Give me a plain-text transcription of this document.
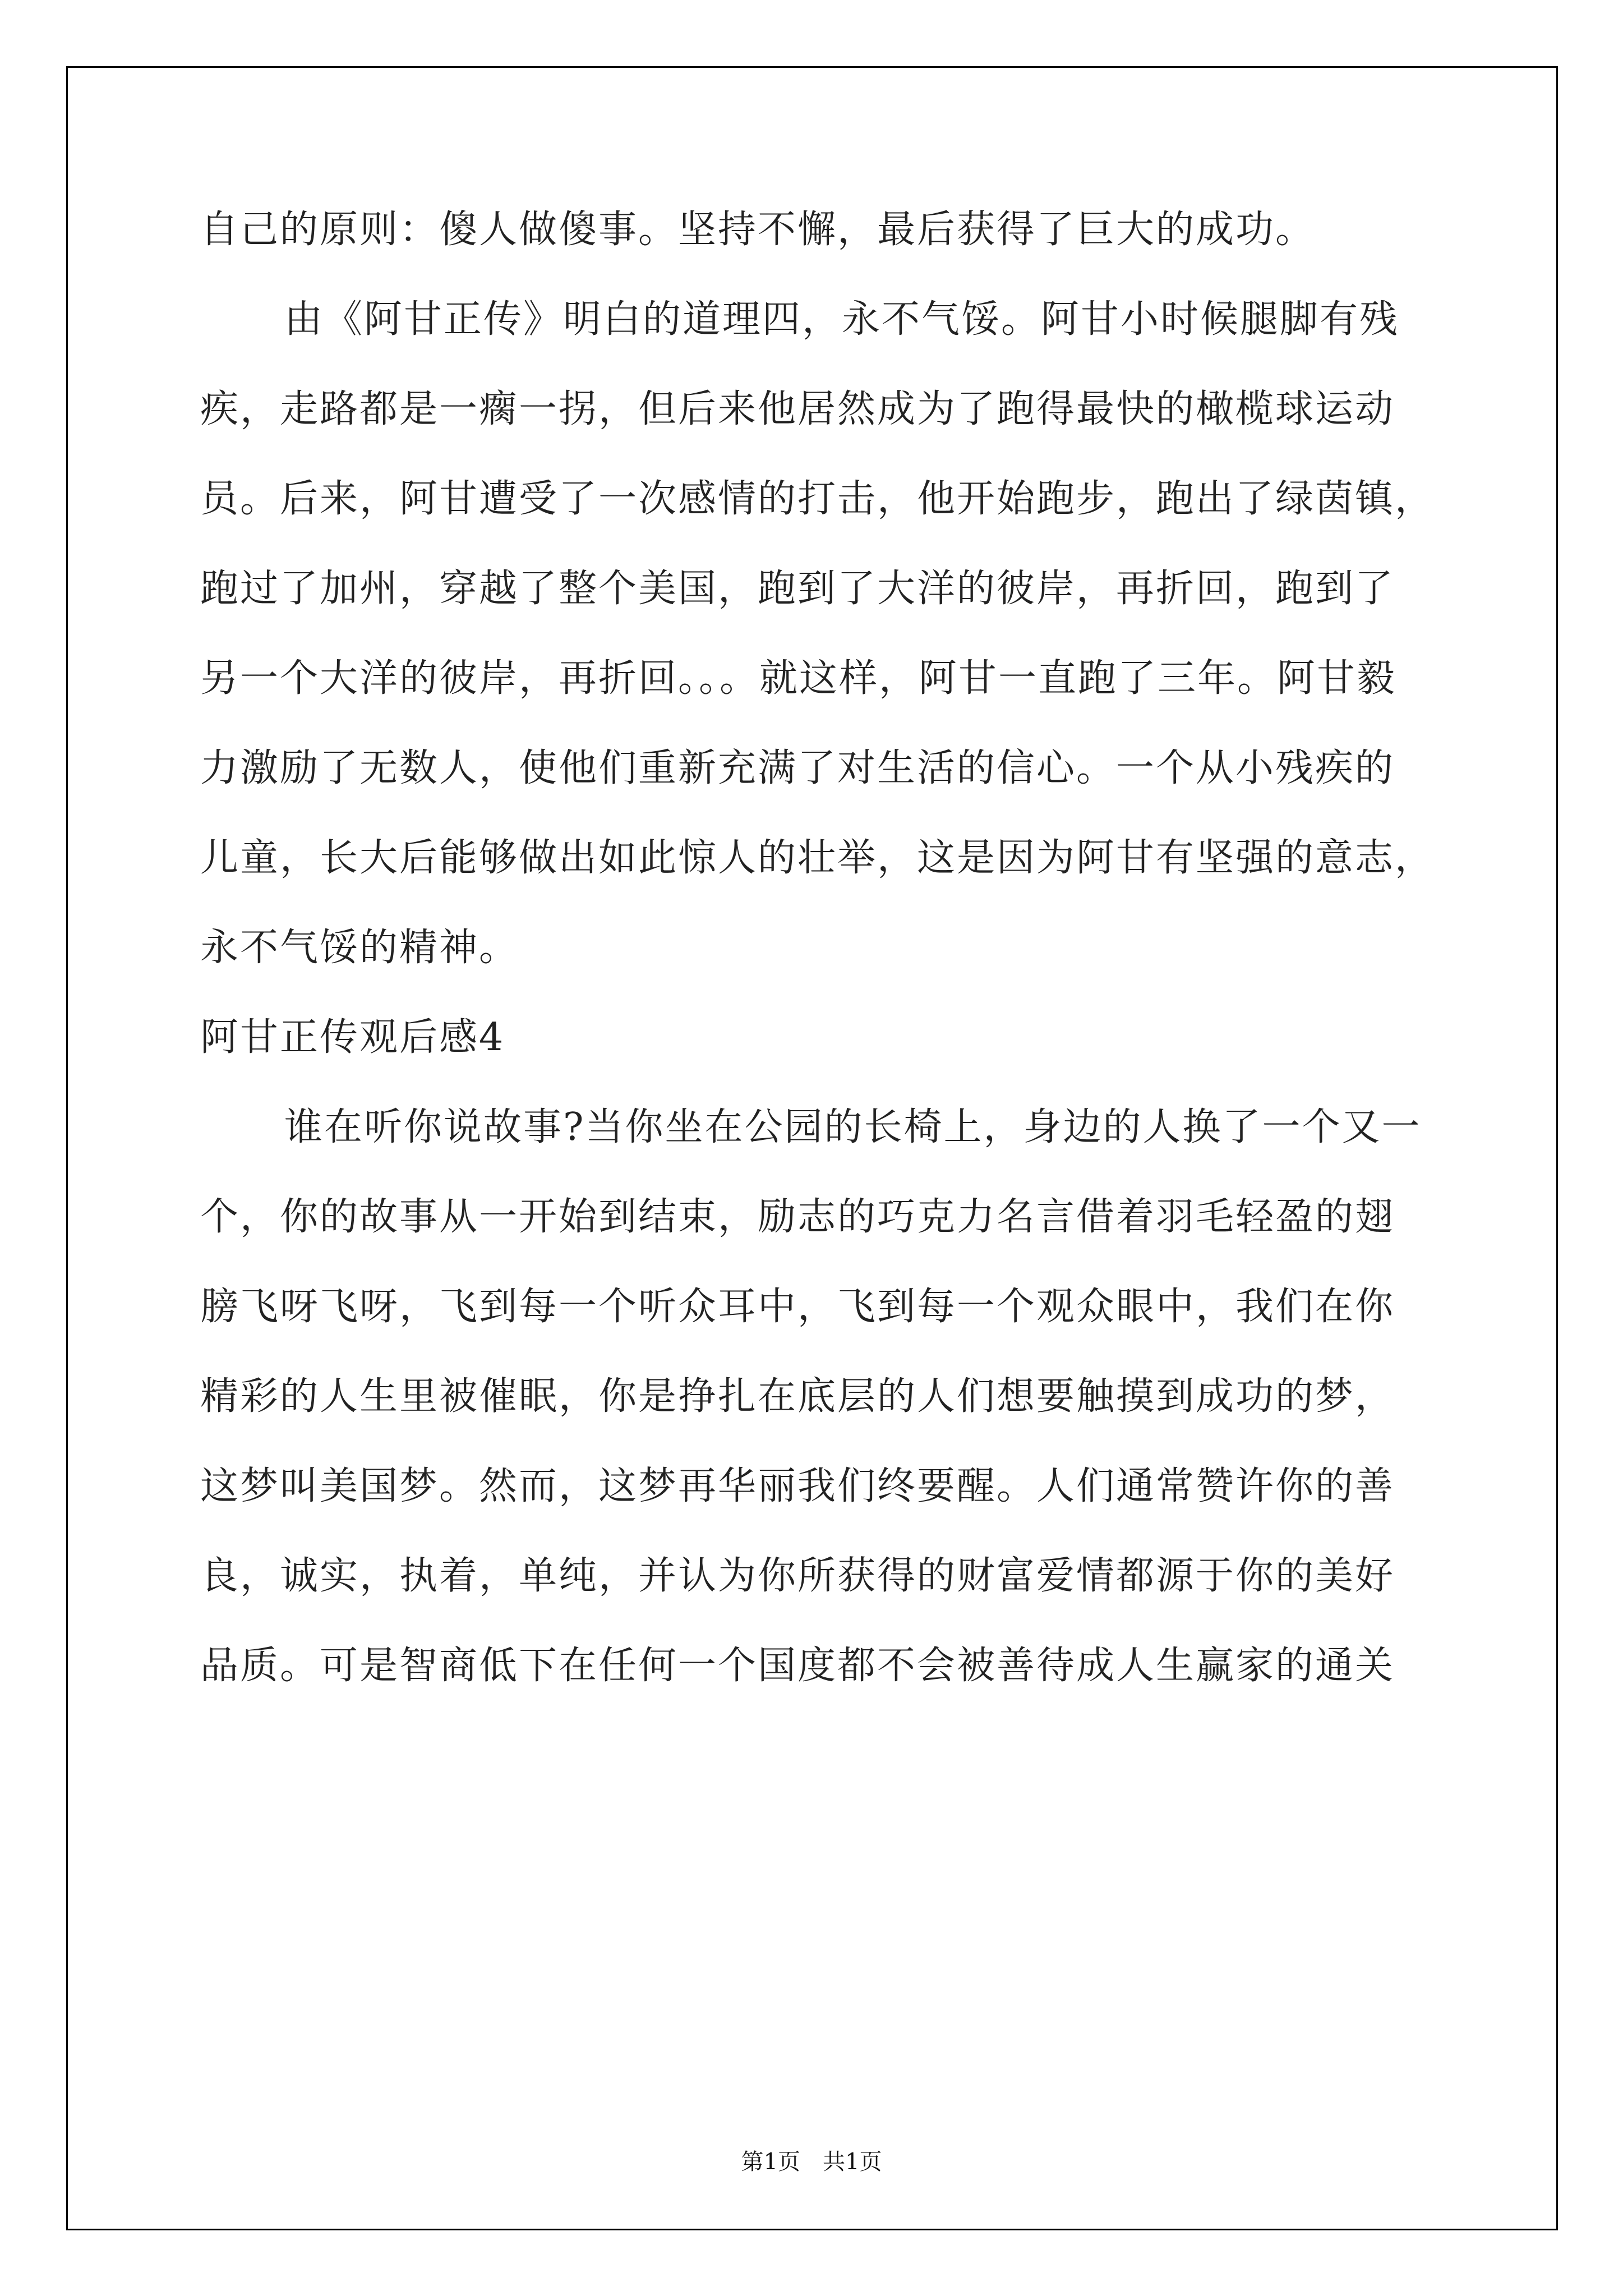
自己的原则：傻人做傻事。坚持不懈，最后获得了巨大的成功。
由《阿甘正传》明白的道理四，永不气馁。阿甘小时候腿脚有残
疾，走路都是一瘸一拐，但后来他居然成为了跑得最快的橄榄球运动
员。后来，阿甘遭受了一次感情的打击，他开始跑步，跑出了绿茵镇，
跑过了加州，穿越了整个美国，跑到了大洋的彼岸，再折回，跑到了
另一个大洋的彼岸，再折回。。。就这样，阿甘一直跑了三年。阿甘毅
力激励了无数人，使他们重新充满了对生活的信心。一个从小残疾的
儿童，长大后能够做出如此惊人的壮举，这是因为阿甘有坚强的意志，
永不气馁的精神。
阿甘正传观后感4
谁在听你说故事?当你坐在公园的长椅上，身边的人换了一个又一
个，你的故事从一开始到结束，励志的巧克力名言借着羽毛轻盈的翅
膀飞呀飞呀，飞到每一个听众耳中，飞到每一个观众眼中，我们在你
精彩的人生里被催眠，你是挣扎在底层的人们想要触摸到成功的梦，
这梦叫美国梦。然而，这梦再华丽我们终要醒。人们通常赞许你的善
良，诚实，执着，单纯，并认为你所获得的财富爱情都源于你的美好
品质。可是智商低下在任何一个国度都不会被善待成人生赢家的通关
第1页　共1页
